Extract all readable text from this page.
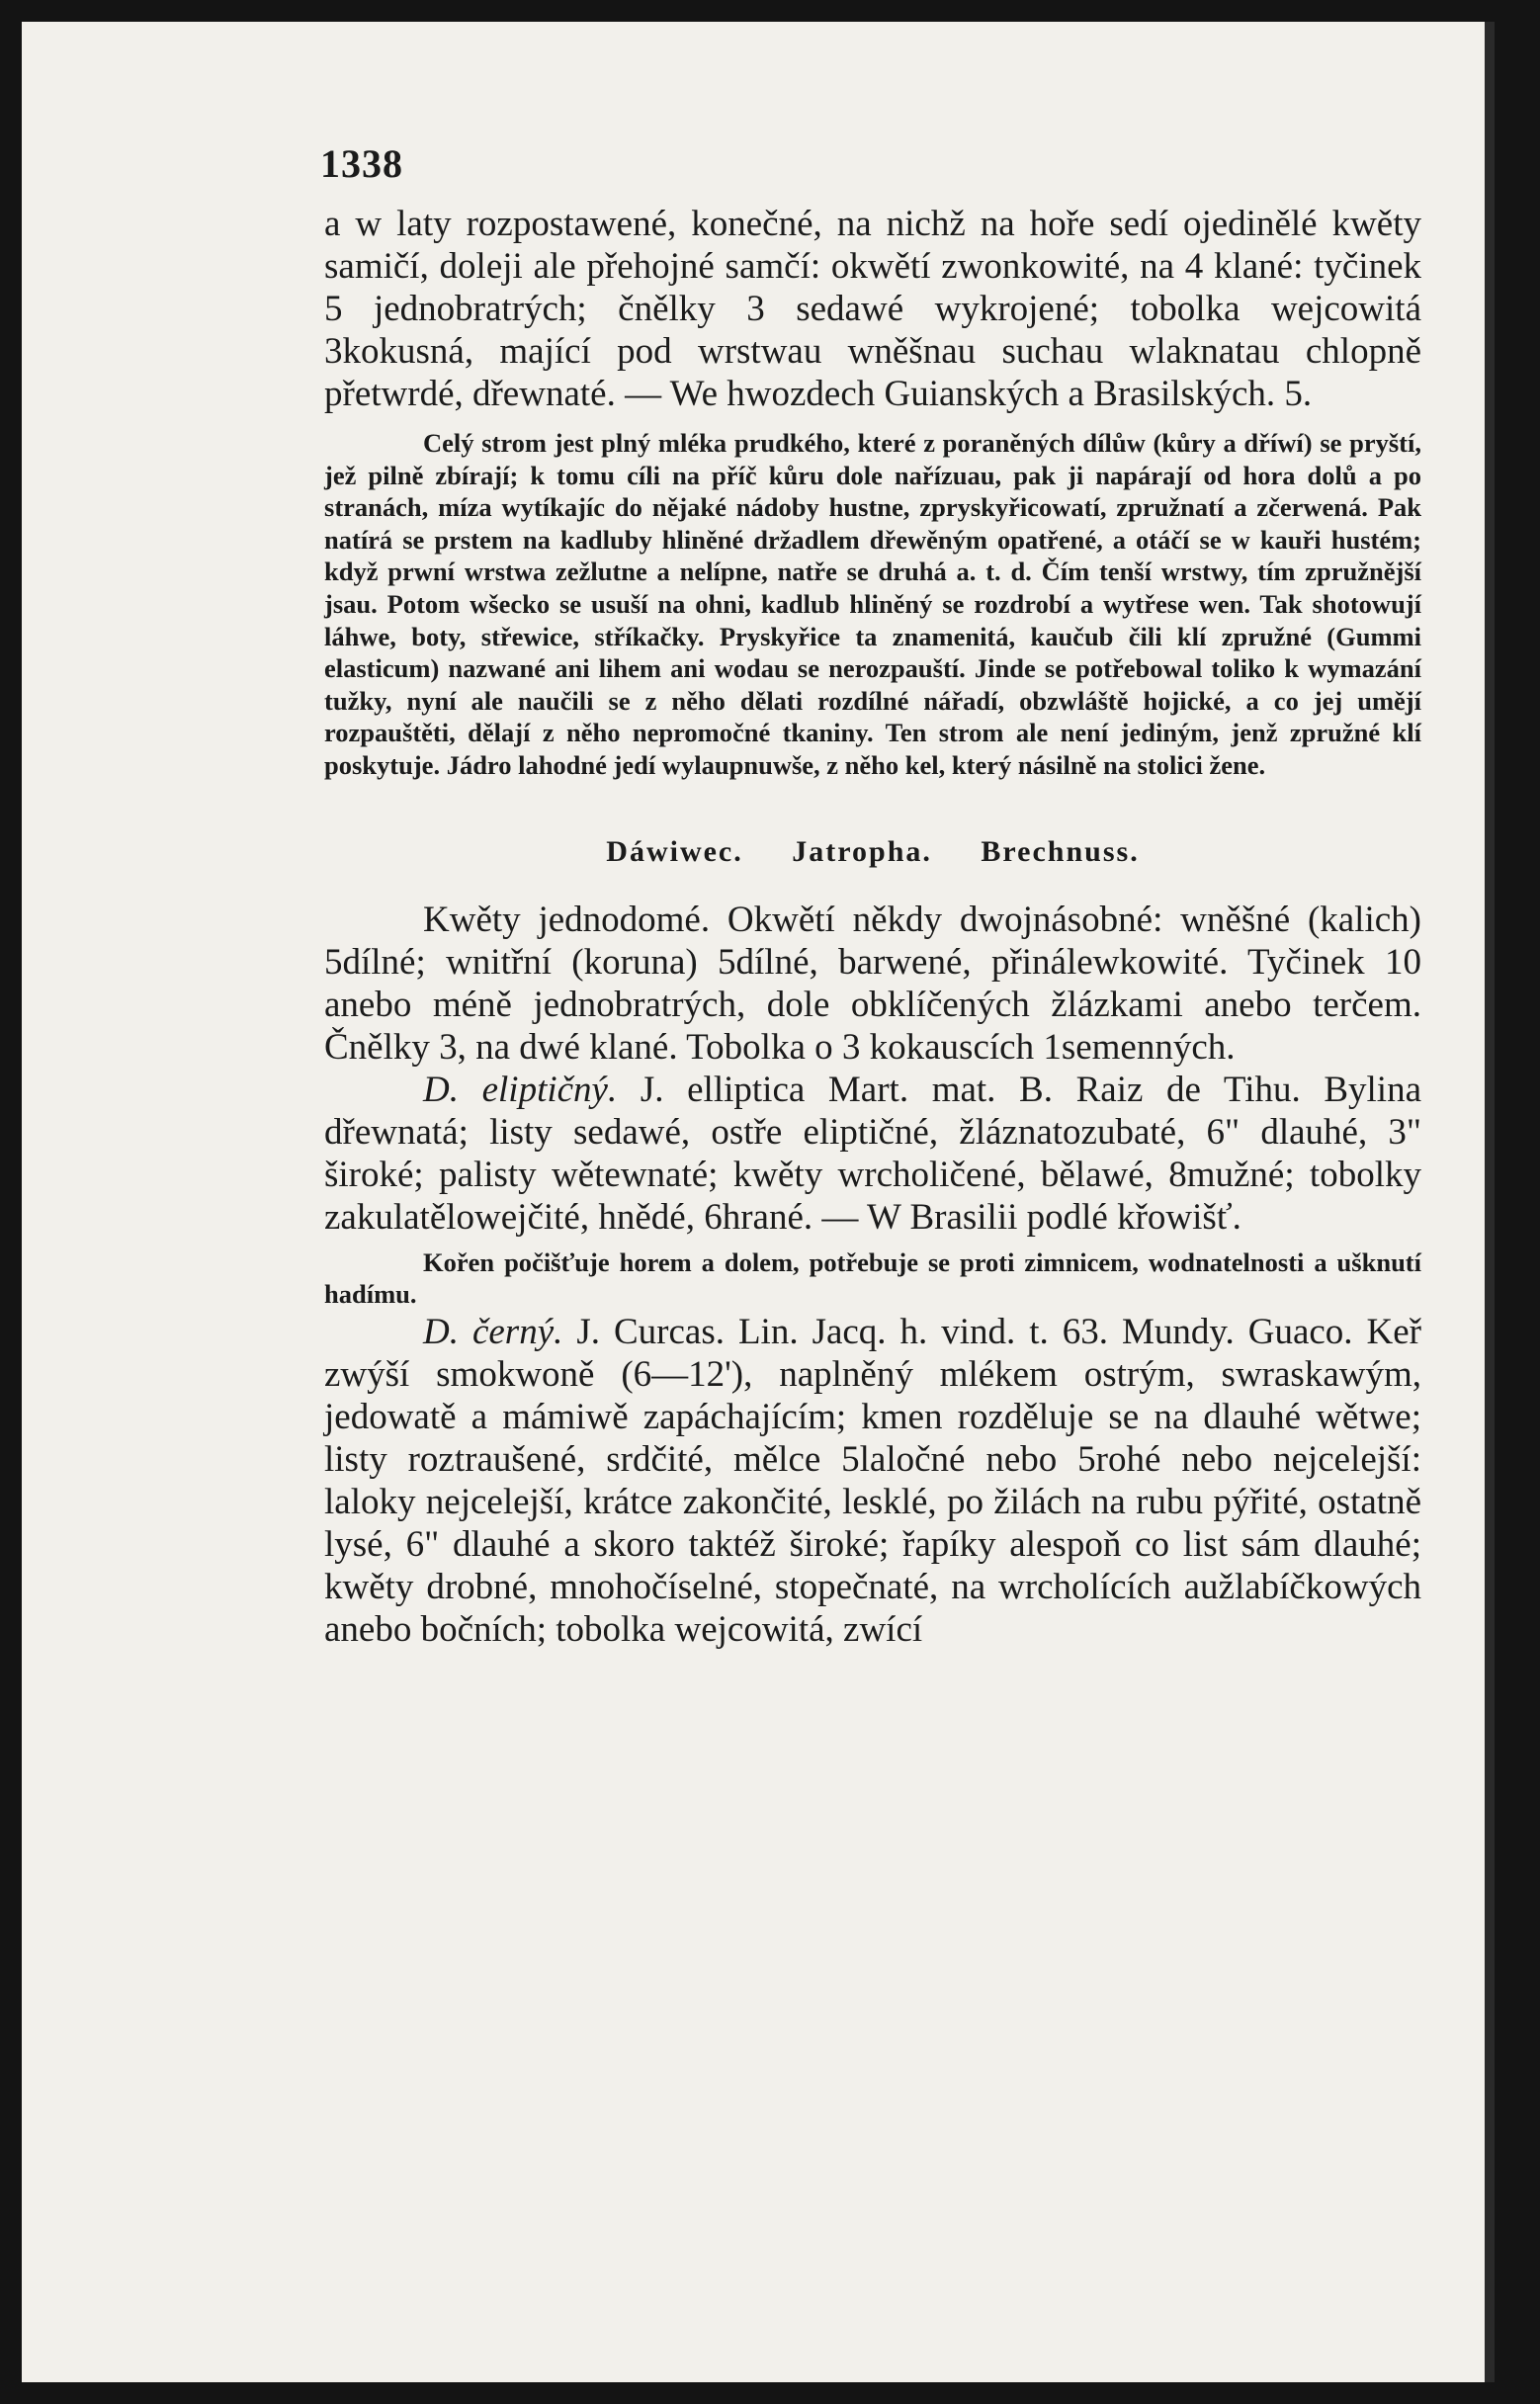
1338

a w laty rozpostawené, konečné, na nichž na hoře sedí ojedinělé kwěty samičí, doleji ale přehojné samčí: okwětí zwonkowité, na 4 klané: tyčinek 5 jednobratrých; čnělky 3 sedawé wykrojené; tobolka wejcowitá 3kokusná, mající pod wrstwau wněšnau suchau wlaknatau chlopně přetwrdé, dřewnaté. — We hwozdech Guianských a Brasilských. 5.

Celý strom jest plný mléka prudkého, které z poraněných dílůw (kůry a dříwí) se pryští, jež pilně zbírají; k tomu cíli na příč kůru dole nařízuau, pak ji napárají od hora dolů a po stranách, míza wytíkajíc do nějaké nádoby hustne, zpryskyřicowatí, zpružnatí a zčerwená. Pak natírá se prstem na kadluby hliněné držadlem dřewěným opatřené, a otáčí se w kauři hustém; když prwní wrstwa zežlutne a nelípne, natře se druhá a. t. d. Čím tenší wrstwy, tím zpružnější jsau. Potom wšecko se usuší na ohni, kadlub hliněný se rozdrobí a wytřese wen. Tak shotowují láhwe, boty, střewice, stříkačky. Pryskyřice ta znamenitá, kaučub čili klí zpružné (Gummi elasticum) nazwané ani lihem ani wodau se nerozpauští. Jinde se potřebowal toliko k wymazání tužky, nyní ale naučili se z něho dělati rozdílné nářadí, obzwláště hojické, a co jej umějí rozpauštěti, dělají z něho nepromočné tkaniny. Ten strom ale není jediným, jenž zpružné klí poskytuje. Jádro lahodné jedí wylaupnuwše, z něho kel, který násilně na stolici žene.

Dáwiwec. Jatropha. Brechnuss.

Kwěty jednodomé. Okwětí někdy dwojnásobné: wněšné (kalich) 5dílné; wnitřní (koruna) 5dílné, barwené, přinálewkowité. Tyčinek 10 anebo méně jednobratrých, dole obklíčených žlázkami anebo terčem. Čnělky 3, na dwé klané. Tobolka o 3 kokauscích 1semenných.

D. eliptičný. J. elliptica Mart. mat. B. Raiz de Tihu. Bylina dřewnatá; listy sedawé, ostře eliptičné, žláznatozubaté, 6" dlauhé, 3" široké; palisty wětewnaté; kwěty wrcholičené, bělawé, 8mužné; tobolky zakulatělowejčité, hnědé, 6hrané. — W Brasilii podlé křowišť.

Kořen počišťuje horem a dolem, potřebuje se proti zimnicem, wodnatelnosti a ušknutí hadímu.

D. černý. J. Curcas. Lin. Jacq. h. vind. t. 63. Mundy. Guaco. Keř zwýší smokwoně (6—12'), naplněný mlékem ostrým, swraskawým, jedowatě a mámiwě zapáchajícím; kmen rozděluje se na dlauhé wětwe; listy roztraušené, srdčité, mělce 5laločné nebo 5rohé nebo nejcelejší: laloky nejcelejší, krátce zakončité, lesklé, po žilách na rubu pýřité, ostatně lysé, 6" dlauhé a skoro taktéž široké; řapíky alespoň co list sám dlauhé; kwěty drobné, mnohočíselné, stopečnaté, na wrcholících aužlabíčkowých anebo bočních; tobolka wejcowitá, zwící
